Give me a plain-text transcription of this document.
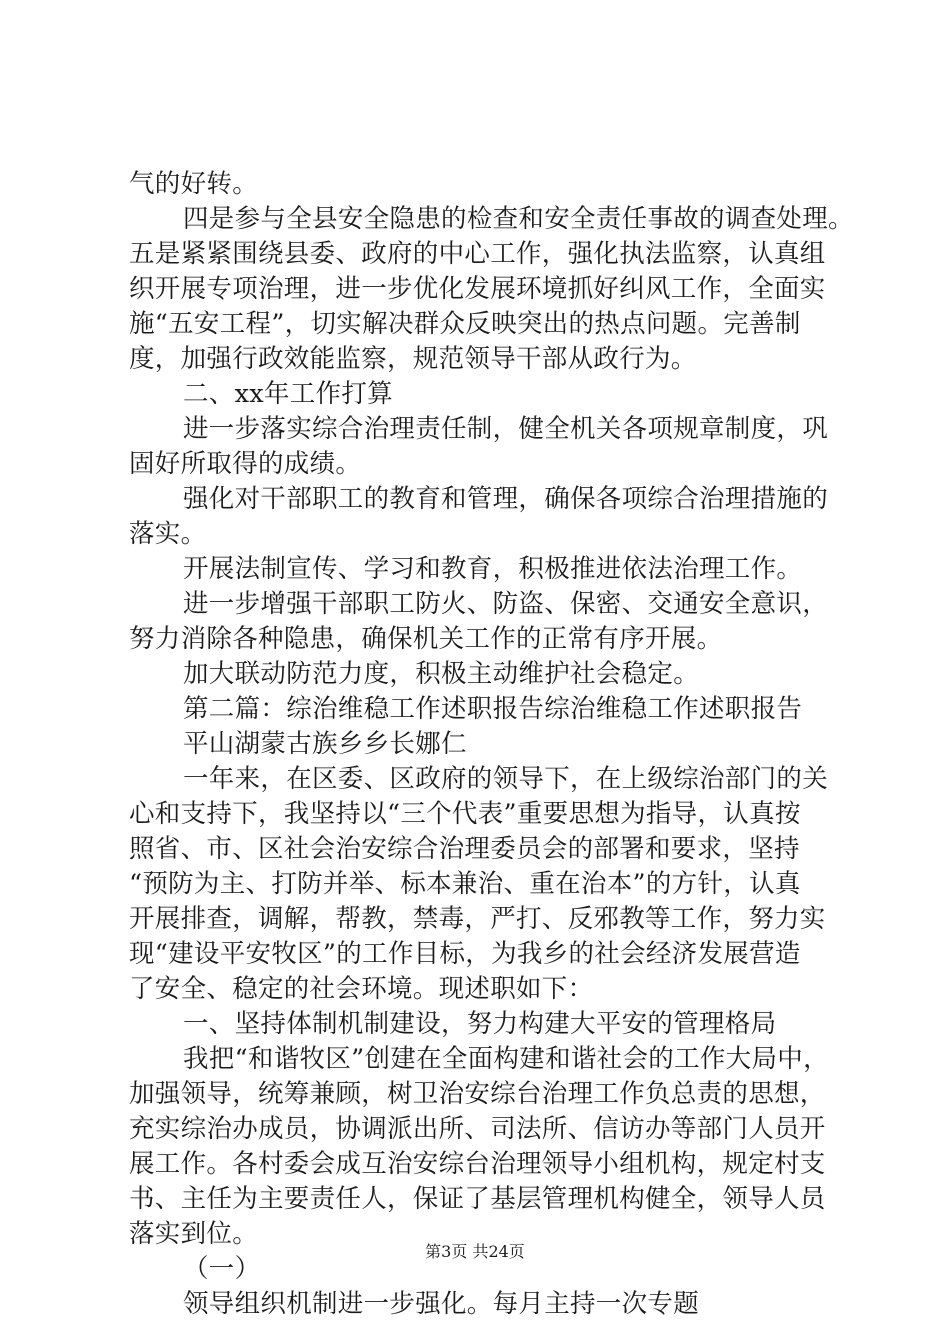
气的好转。
四是参与全县安全隐患的检查和安全责任事故的调查处理。
五是紧紧围绕县委、政府的中心工作，强化执法监察，认真组
织开展专项治理，进一步优化发展环境抓好纠风工作，全面实
施“五安工程”，切实解决群众反映突出的热点问题。完善制
度，加强行政效能监察，规范领导干部从政行为。
二、xx年工作打算
进一步落实综合治理责任制，健全机关各项规章制度，巩
固好所取得的成绩。
强化对干部职工的教育和管理，确保各项综合治理措施的
落实。
开展法制宣传、学习和教育，积极推进依法治理工作。
进一步增强干部职工防火、防盗、保密、交通安全意识，
努力消除各种隐患，确保机关工作的正常有序开展。
加大联动防范力度，积极主动维护社会稳定。
第二篇：综治维稳工作述职报告综治维稳工作述职报告
平山湖蒙古族乡乡长娜仁
一年来，在区委、区政府的领导下，在上级综治部门的关
心和支持下，我坚持以“三个代表”重要思想为指导，认真按
照省、市、区社会治安综合治理委员会的部署和要求，坚持
“预防为主、打防并举、标本兼治、重在治本”的方针，认真
开展排查，调解，帮教，禁毒，严打、反邪教等工作，努力实
现“建设平安牧区”的工作目标，为我乡的社会经济发展营造
了安全、稳定的社会环境。现述职如下：
一、坚持体制机制建设，努力构建大平安的管理格局
我把“和谐牧区”创建在全面构建和谐社会的工作大局中，
加强领导，统筹兼顾，树卫治安综台治理工作负总责的思想，
充实综治办成员，协调派出所、司法所、信访办等部门人员开
展工作。各村委会成互治安综台治理领导小组机构，规定村支
书、主任为主要责任人，保证了基层管理机构健全，领导人员
落实到位。
（一）
领导组织机制进一步强化。每月主持一次专题
第3页 共24页
